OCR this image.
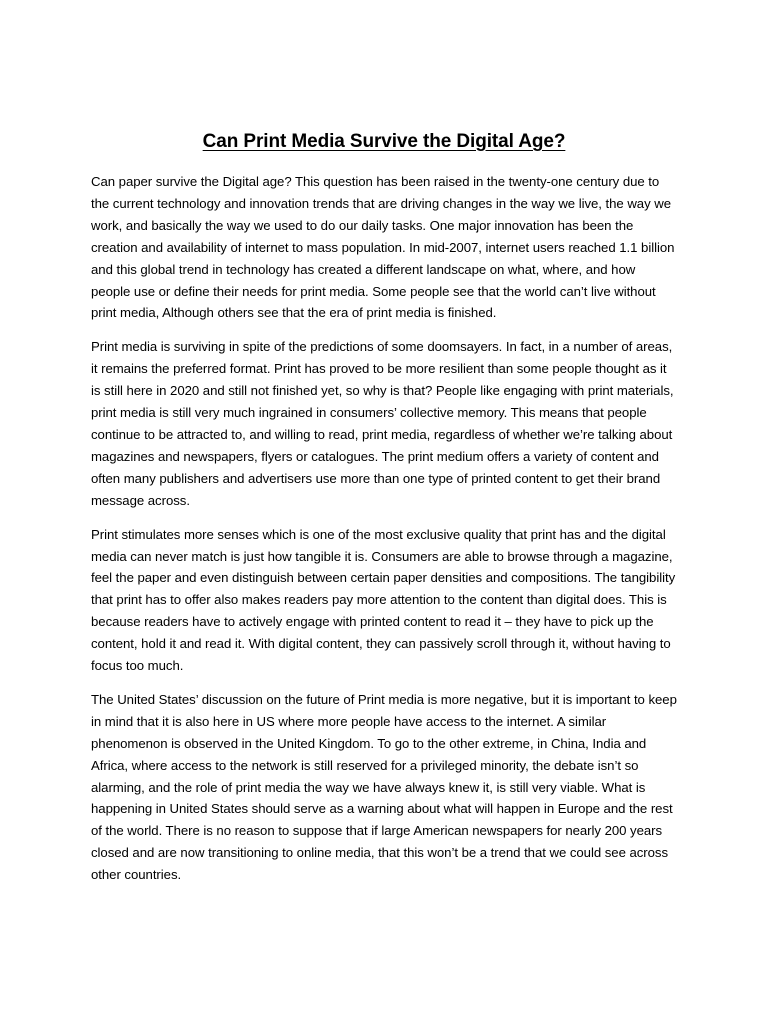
Can Print Media Survive the Digital Age?

Can paper survive the Digital age? This question has been raised in the twenty-one century due to the current technology and innovation trends that are driving changes in the way we live, the way we work, and basically the way we used to do our daily tasks. One major innovation has been the creation and availability of internet to mass population. In mid-2007, internet users reached 1.1 billion and this global trend in technology has created a different landscape on what, where, and how people use or define their needs for print media. Some people see that the world can’t live without print media, Although others see that the era of print media is finished.

Print media is surviving in spite of the predictions of some doomsayers. In fact, in a number of areas, it remains the preferred format. Print has proved to be more resilient than some people thought as it is still here in 2020 and still not finished yet, so why is that? People like engaging with print materials, print media is still very much ingrained in consumers’ collective memory. This means that people continue to be attracted to, and willing to read, print media, regardless of whether we’re talking about magazines and newspapers, flyers or catalogues. The print medium offers a variety of content and often many publishers and advertisers use more than one type of printed content to get their brand message across.

Print stimulates more senses which is one of the most exclusive quality that print has and the digital media can never match is just how tangible it is. Consumers are able to browse through a magazine, feel the paper and even distinguish between certain paper densities and compositions. The tangibility that print has to offer also makes readers pay more attention to the content than digital does. This is because readers have to actively engage with printed content to read it – they have to pick up the content, hold it and read it. With digital content, they can passively scroll through it, without having to focus too much.

The United States’ discussion on the future of Print media is more negative, but it is important to keep in mind that it is also here in US where more people have access to the internet. A similar phenomenon is observed in the United Kingdom. To go to the other extreme, in China, India and Africa, where access to the network is still reserved for a privileged minority, the debate isn’t so alarming, and the role of print media the way we have always knew it, is still very viable. What is happening in United States should serve as a warning about what will happen in Europe and the rest of the world. There is no reason to suppose that if large American newspapers for nearly 200 years closed and are now transitioning to online media, that this won’t be a trend that we could see across other countries.
